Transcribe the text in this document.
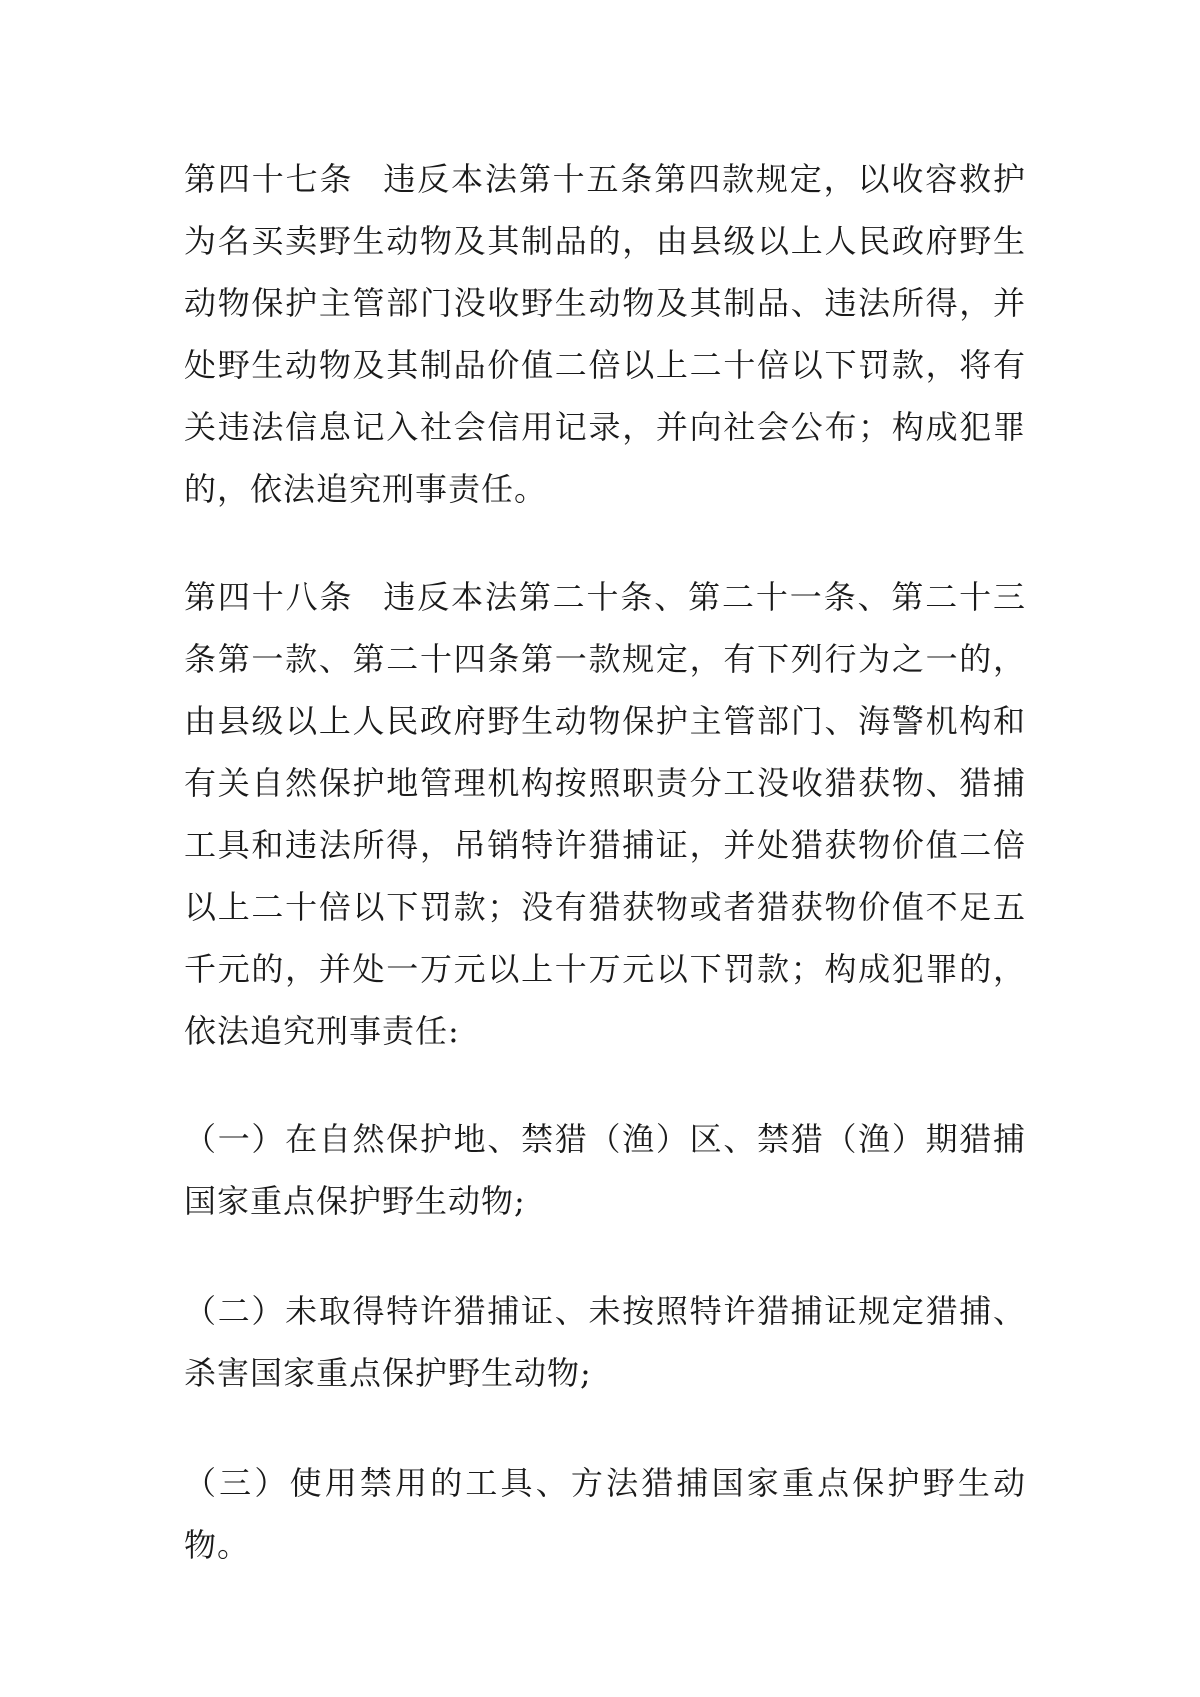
第四十七条 违反本法第十五条第四款规定，以收容救护为名买卖野生动物及其制品的，由县级以上人民政府野生动物保护主管部门没收野生动物及其制品、违法所得，并处野生动物及其制品价值二倍以上二十倍以下罚款，将有关违法信息记入社会信用记录，并向社会公布；构成犯罪的，依法追究刑事责任。

第四十八条 违反本法第二十条、第二十一条、第二十三条第一款、第二十四条第一款规定，有下列行为之一的，由县级以上人民政府野生动物保护主管部门、海警机构和有关自然保护地管理机构按照职责分工没收猎获物、猎捕工具和违法所得，吊销特许猎捕证，并处猎获物价值二倍以上二十倍以下罚款；没有猎获物或者猎获物价值不足五千元的，并处一万元以上十万元以下罚款；构成犯罪的，依法追究刑事责任:

（一）在自然保护地、禁猎（渔）区、禁猎（渔）期猎捕国家重点保护野生动物;

（二）未取得特许猎捕证、未按照特许猎捕证规定猎捕、杀害国家重点保护野生动物;

（三）使用禁用的工具、方法猎捕国家重点保护野生动物。
